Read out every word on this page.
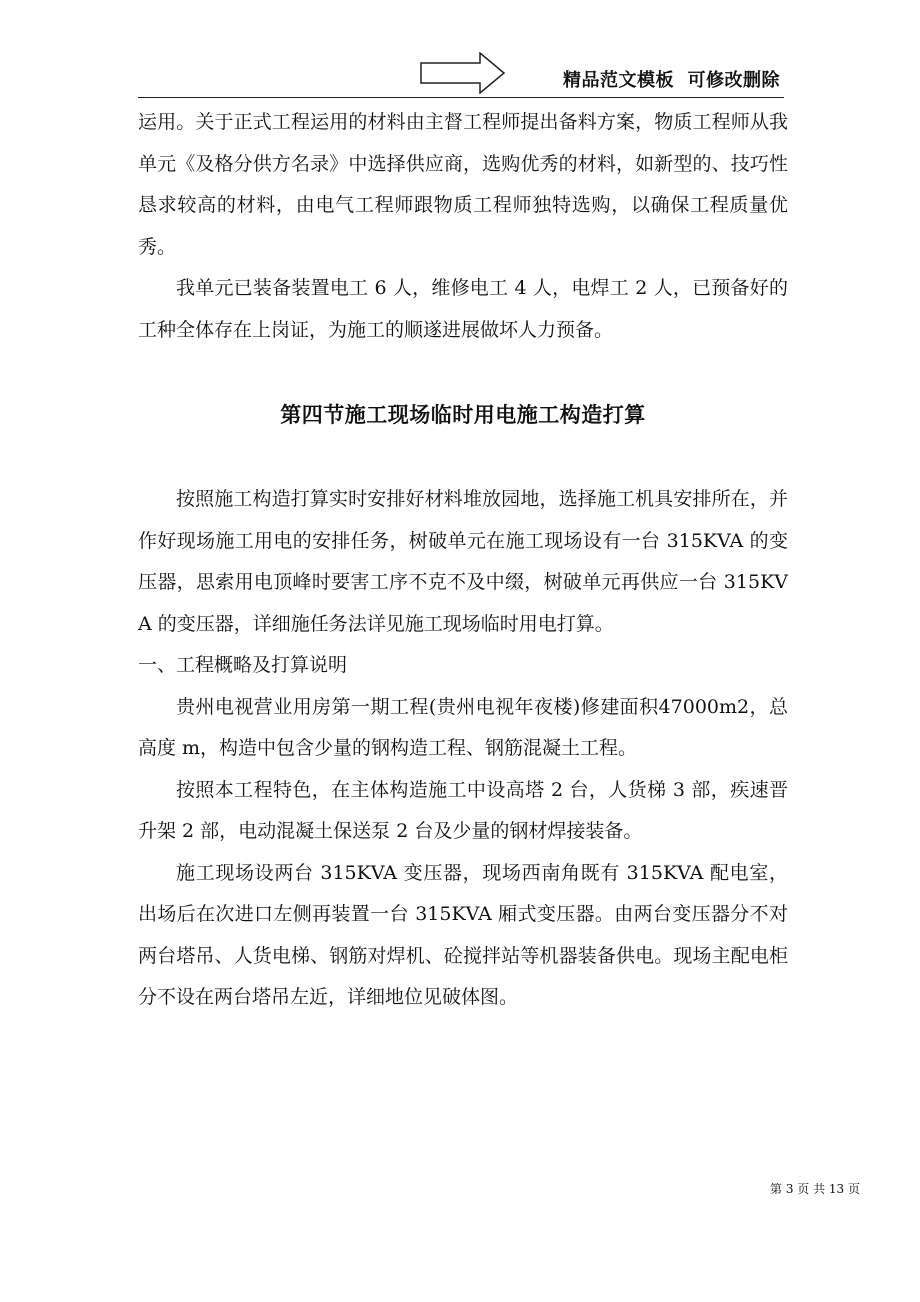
精品范文模板  可修改删除

运用。关于正式工程运用的材料由主督工程师提出备料方案，物质工程师从我单元《及格分供方名录》中选择供应商，选购优秀的材料，如新型的、技巧性恳求较高的材料，由电气工程师跟物质工程师独特选购，以确保工程质量优秀。

我单元已装备装置电工 6 人，维修电工 4 人，电焊工 2 人，已预备好的工种全体存在上岗证，为施工的顺遂进展做坏人力预备。

第四节施工现场临时用电施工构造打算

按照施工构造打算实时安排好材料堆放园地，选择施工机具安排所在，并作好现场施工用电的安排任务，树破单元在施工现场设有一台 315KVA 的变压器，思索用电顶峰时要害工序不克不及中缀，树破单元再供应一台 315KVA 的变压器，详细施任务法详见施工现场临时用电打算。

一、工程概略及打算说明

贵州电视营业用房第一期工程(贵州电视年夜楼)修建面积47000m2，总高度 m，构造中包含少量的钢构造工程、钢筋混凝土工程。

按照本工程特色，在主体构造施工中设高塔 2 台，人货梯 3 部，疾速晋升架 2 部，电动混凝土保送泵 2 台及少量的钢材焊接装备。

施工现场设两台 315KVA 变压器，现场西南角既有 315KVA 配电室，出场后在次进口左侧再装置一台 315KVA 厢式变压器。由两台变压器分不对两台塔吊、人货电梯、钢筋对焊机、砼搅拌站等机器装备供电。现场主配电柜分不设在两台塔吊左近，详细地位见破体图。

第 3 页 共 13 页
